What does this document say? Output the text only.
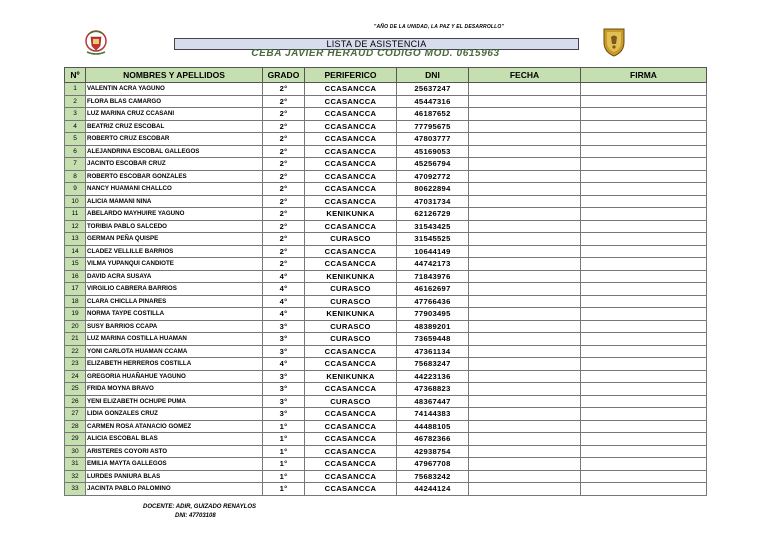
"AÑO DE LA UNIDAD, LA PAZ Y EL DESARROLLO"
LISTA DE ASISTENCIA
CEBA JAVIER HERAUD CODIGO MOD. 0615963
Nº	NOMBRES Y APELLIDOS	GRADO	PERIFERICO	DNI	FECHA	FIRMA
1	VALENTIN ACRA YAGUNO	2°	CCASANCCA	25637247		
2	FLORA BLAS CAMARGO	2°	CCASANCCA	45447316		
3	LUZ MARINA CRUZ CCASANI	2°	CCASANCCA	46187652		
4	BEATRIZ CRUZ ESCOBAL	2°	CCASANCCA	77795675		
5	ROBERTO CRUZ ESCOBAR	2°	CCASANCCA	47803777		
6	ALEJANDRINA ESCOBAL GALLEGOS	2°	CCASANCCA	45169053		
7	JACINTO ESCOBAR CRUZ	2°	CCASANCCA	45256794		
8	ROBERTO ESCOBAR GONZALES	2°	CCASANCCA	47092772		
9	NANCY HUAMANI CHALLCO	2°	CCASANCCA	80622894		
10	ALICIA MAMANI NINA	2°	CCASANCCA	47031734		
11	ABELARDO MAYHUIRE YAGUNO	2°	KENIKUNKA	62126729		
12	TORIBIA PABLO SALCEDO	2°	CCASANCCA	31543425		
13	GERMAN PEÑA QUISPE	2°	CURASCO	31545525		
14	CLADEZ VELLILLE BARRIOS	2°	CCASANCCA	10644149		
15	VILMA YUPANQUI CANDIOTE	2°	CCASANCCA	44742173		
16	DAVID ACRA SUSAYA	4°	KENIKUNKA	71843976		
17	VIRGILIO CABRERA BARRIOS	4°	CURASCO	46162697		
18	CLARA CHICLLA PINARES	4°	CURASCO	47766436		
19	NORMA TAYPE COSTILLA	4°	KENIKUNKA	77903495		
20	SUSY BARRIOS CCAPA	3°	CURASCO	48389201		
21	LUZ MARINA COSTILLA HUAMAN	3°	CURASCO	73659448		
22	YONI CARLOTA HUAMAN CCAMA	3°	CCASANCCA	47361134		
23	ELIZABETH HERREROS COSTILLA	4°	CCASANCCA	75683247		
24	GREGORIA HUAÑAHUE YAGUNO	3°	KENIKUNKA	44223136		
25	FRIDA MOYNA BRAVO	3°	CCASANCCA	47368823		
26	YENI ELIZABETH OCHUPE PUMA	3°	CURASCO	48367447		
27	LIDIA GONZALES CRUZ	3°	CCASANCCA	74144383		
28	CARMEN ROSA ATANACIO GOMEZ	1°	CCASANCCA	44488105		
29	ALICIA ESCOBAL BLAS	1°	CCASANCCA	46782366		
30	ARISTERES COYORI ASTO	1°	CCASANCCA	42938754		
31	EMILIA MAYTA GALLEGOS	1°	CCASANCCA	47967708		
32	LURDES PANIURA BLAS	1°	CCASANCCA	75683242		
33	JACINTA PABLO PALOMINO	1°	CCASANCCA	44244124		
DOCENTE: ADIR, GUIZADO RENAYLOS
DNI: 47703108
